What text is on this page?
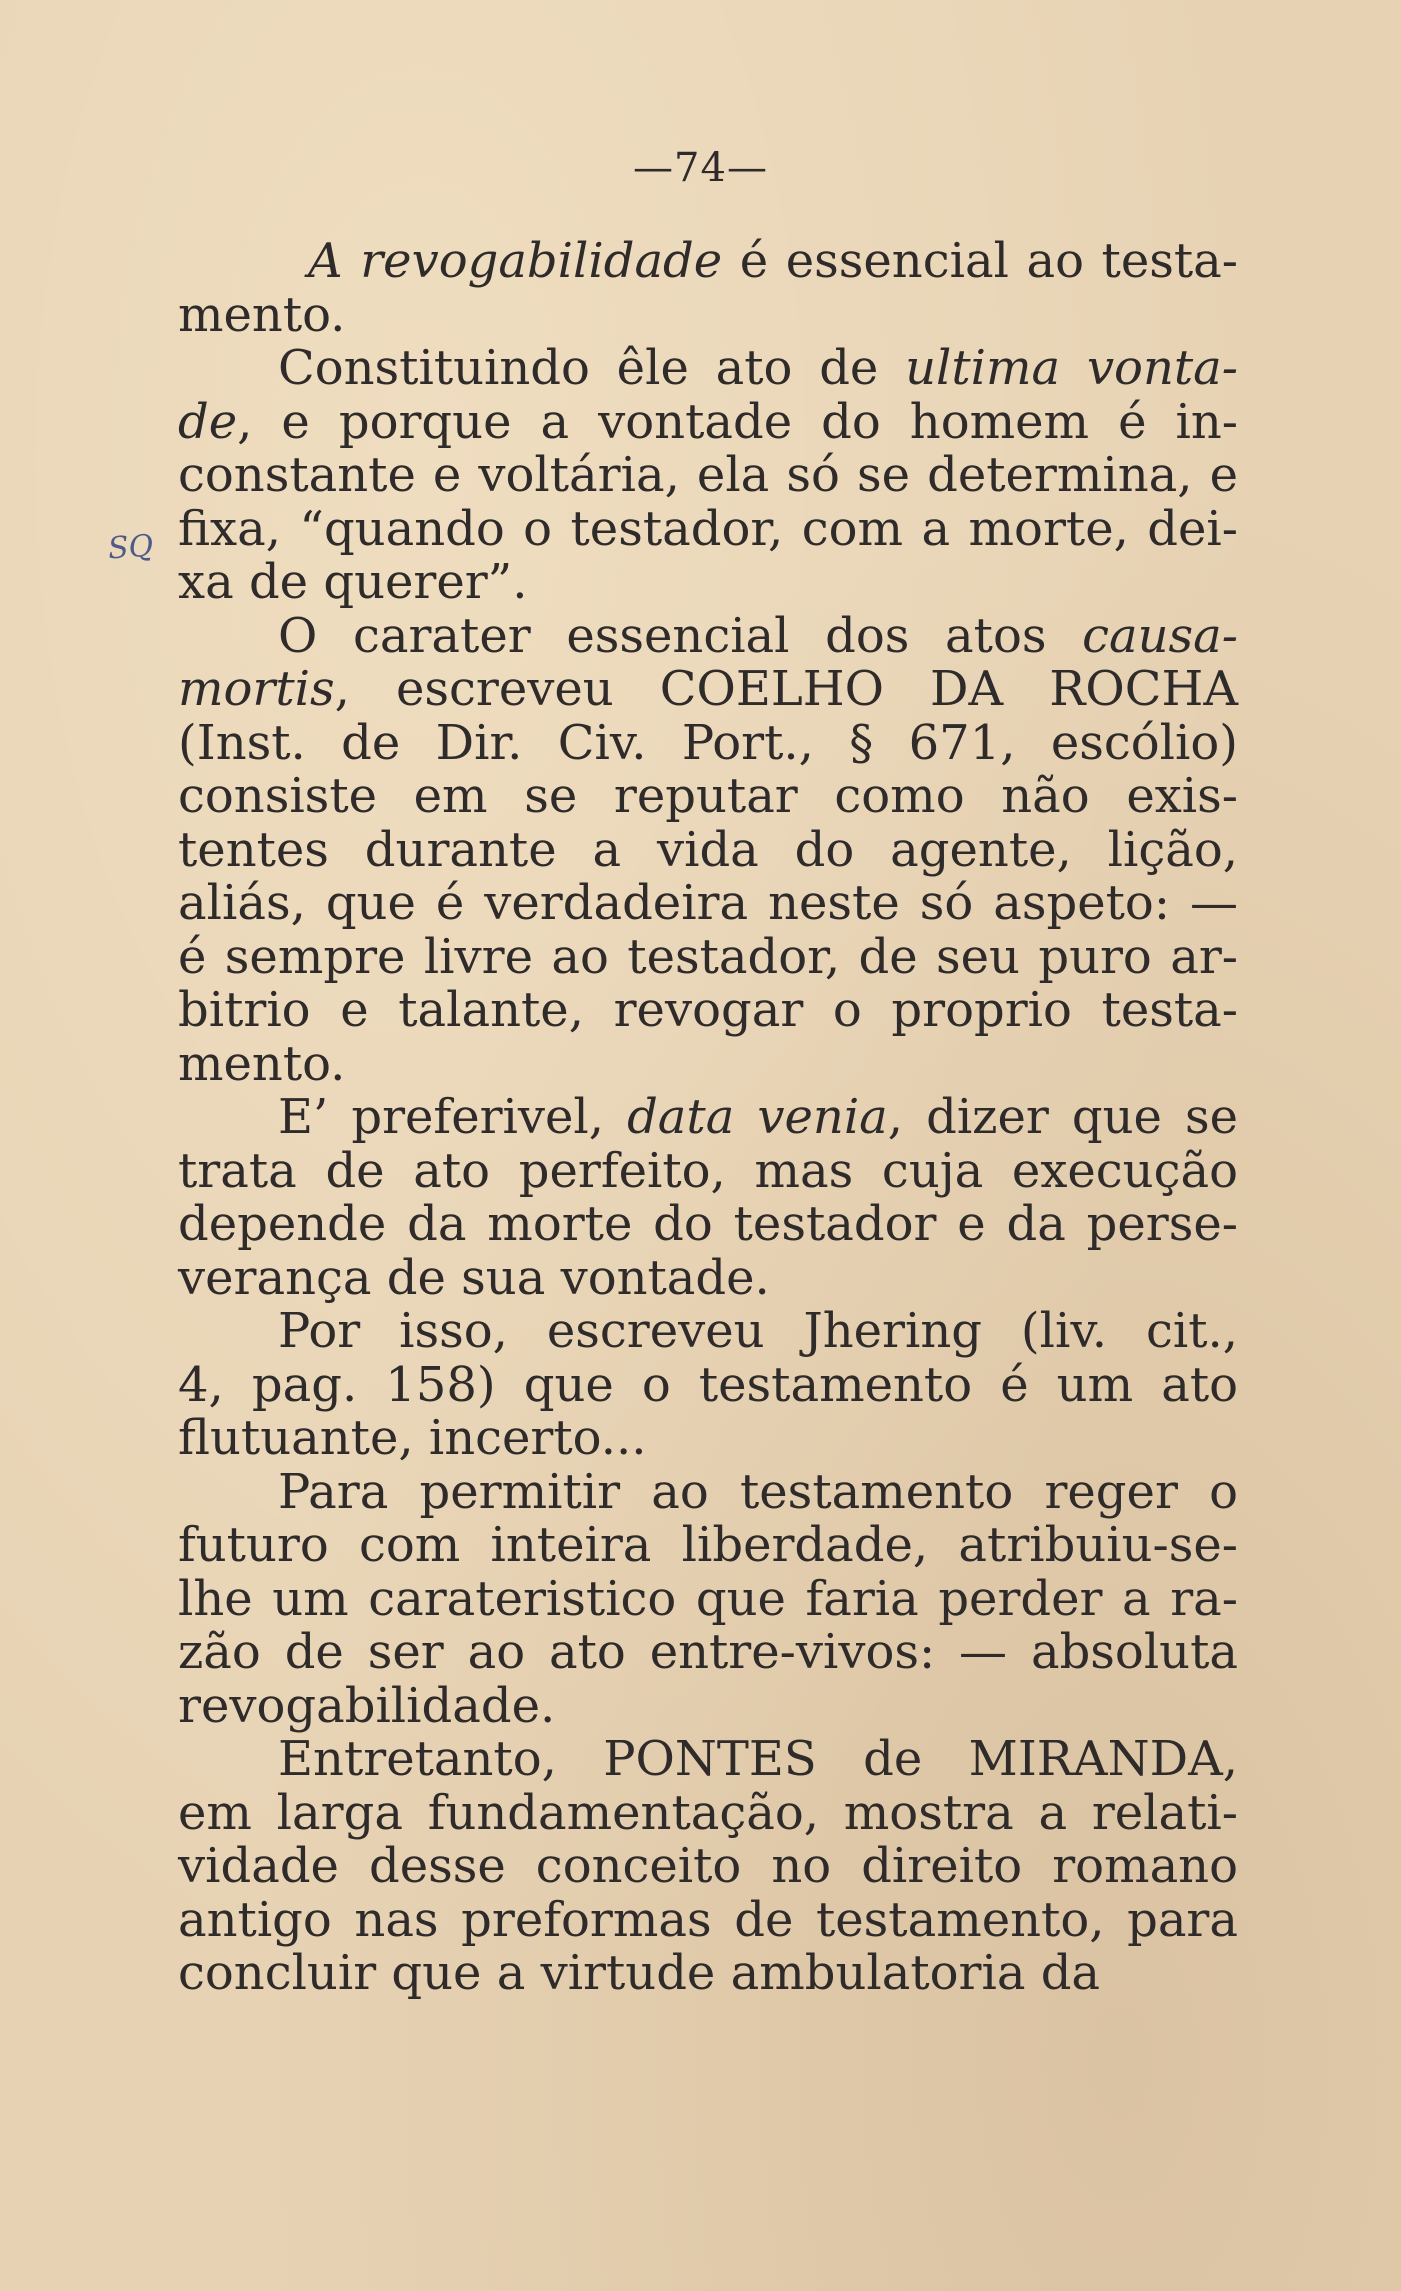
—74—
SQ

A revogabilidade é essencial ao testa-
mento.

Constituindo êle ato de ultima vonta-
de, e porque a vontade do homem é in-
constante e voltária, ela só se determina, e
fixa, “quando o testador, com a morte, dei-
xa de querer”.

O carater essencial dos atos causa-
mortis, escreveu COELHO DA ROCHA
(Inst. de Dir. Civ. Port., § 671, escólio)
consiste em se reputar como não exis-
tentes durante a vida do agente, lição,
aliás, que é verdadeira neste só aspeto: —
é sempre livre ao testador, de seu puro ar-
bitrio e talante, revogar o proprio testa-
mento.

E’ preferivel, data venia, dizer que se
trata de ato perfeito, mas cuja execução
depende da morte do testador e da perse-
verança de sua vontade.

Por isso, escreveu Jhering (liv. cit.,
4, pag. 158) que o testamento é um ato
flutuante, incerto...

Para permitir ao testamento reger o
futuro com inteira liberdade, atribuiu-se-
lhe um carateristico que faria perder a ra-
zão de ser ao ato entre-vivos: — absoluta
revogabilidade.

Entretanto, PONTES de MIRANDA,
em larga fundamentação, mostra a relati-
vidade desse conceito no direito romano
antigo nas preformas de testamento, para
concluir que a virtude ambulatoria da
